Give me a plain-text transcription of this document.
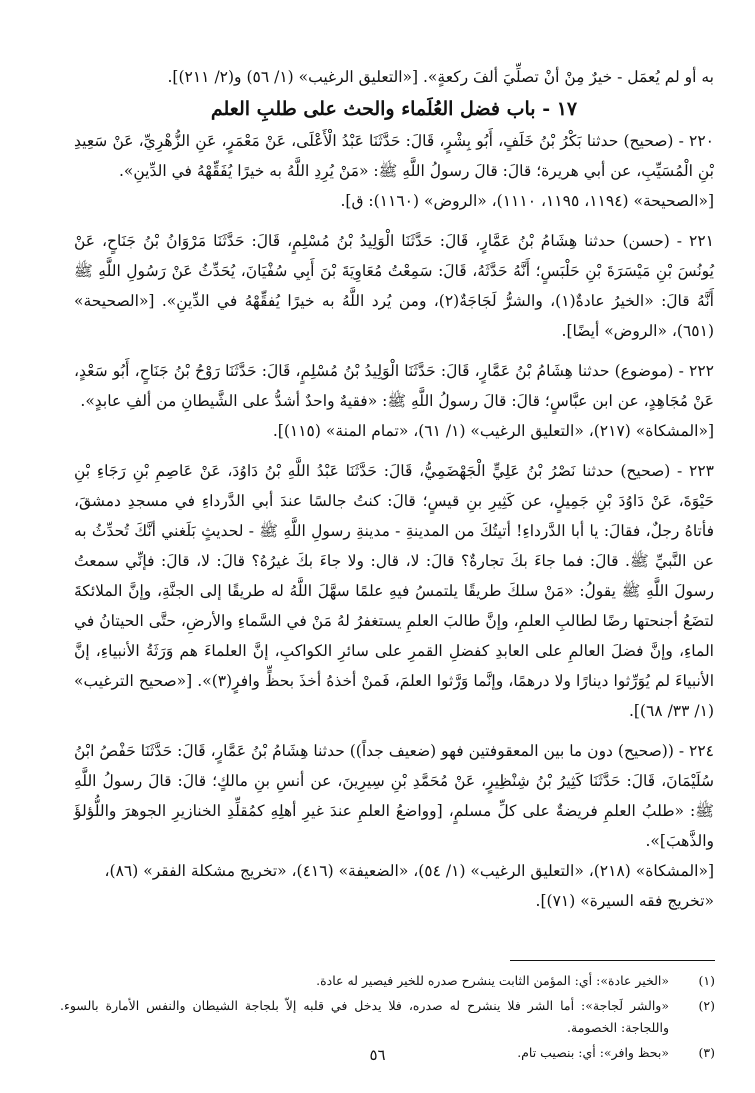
به أو لم يُعمَل - خيرٌ مِنْ أنْ تصلِّيَ ألفَ ركعةٍ». [«التعليق الرغيب» (١/ ٥٦) و(٢/ ٢١١)].

١٧ - باب فضل العُلَماء والحث على طلبِ العلم

٢٢٠ - (صحيح) حدثنا بَكْرُ بْنُ خَلَفٍ، أَبُو بِشْرٍ، قَالَ: حَدَّثَنَا عَبْدُ الْأَعْلَى، عَنْ مَعْمَرٍ، عَنِ الزُّهْرِيِّ، عَنْ سَعِيدِ بْنِ الْمُسَيِّبِ، عن أبي هريرة؛ قالَ: قالَ رسولُ اللَّهِ ﷺ: «مَنْ يُرِدِ اللَّهُ به خيرًا يُفَقِّهْهُ في الدِّينِ».

[«الصحيحة» (١١٩٤، ١١٩٥، ١١١٠)، «الروض» (١١٦٠): ق].

٢٢١ - (حسن) حدثنا هِشَامُ بْنُ عَمَّارٍ، قَالَ: حَدَّثَنَا الْوَلِيدُ بْنُ مُسْلِمٍ، قَالَ: حَدَّثَنَا مَرْوَانُ بْنُ جَنَاحٍ، عَنْ يُونُسَ بْنِ مَيْسَرَةَ بْنِ حَلْبَسٍ؛ أَنَّهُ حَدَّثَهُ، قَالَ: سَمِعْتُ مُعَاوِيَةَ بْنَ أَبِي سُفْيَانَ، يُحَدِّثُ عَنْ رَسُولِ اللَّهِ ﷺ أَنَّهُ قالَ: «الخيرُ عادةٌ(١)، والشرُّ لَجَاجَةٌ(٢)، ومن يُرد اللَّهُ به خيرًا يُفقِّهْهُ في الدِّينِ». [«الصحيحة» (٦٥١)، «الروض» أيضًا].

٢٢٢ - (موضوع) حدثنا هِشَامُ بْنُ عَمَّارٍ، قَالَ: حَدَّثَنَا الْوَلِيدُ بْنُ مُسْلِمٍ، قَالَ: حَدَّثَنَا رَوْحُ بْنُ جَنَاحٍ، أَبُو سَعْدٍ، عَنْ مُجَاهِدٍ، عن ابن عبَّاسٍ؛ قالَ: قالَ رسولُ اللَّهِ ﷺ: «فقيهٌ واحدٌ أشدُّ على الشَّيطانِ من ألفِ عابدٍ».

[«المشكاة» (٢١٧)، «التعليق الرغيب» (١/ ٦١)، «تمام المنة» (١١٥)].

٢٢٣ - (صحيح) حدثنا نَصْرُ بْنُ عَلِيٍّ الْجَهْضَمِيُّ، قَالَ: حَدَّثَنَا عَبْدُ اللَّهِ بْنُ دَاوُدَ، عَنْ عَاصِمِ بْنِ رَجَاءِ بْنِ حَيْوَةَ، عَنْ دَاوُدَ بْنِ جَمِيلٍ، عن كَثِيرِ بنِ قيسٍ؛ قالَ: كنتُ جالسًا عندَ أبي الدَّرداءِ في مسجدِ دمشقَ، فأتاهُ رجلٌ، فقالَ: يا أبا الدَّرداءِ! أتيتُكَ من المدينةِ - مدينةِ رسولِ اللَّهِ ﷺ - لحديثٍ بَلَغني أنَّكَ تُحدِّثُ به عن النَّبيِّ ﷺ. قالَ: فما جاءَ بكَ تجارةٌ؟ قالَ: لا، قال: ولا جاءَ بكَ غيرُهُ؟ قالَ: لا، قالَ: فإنِّي سمعتُ رسولَ اللَّهِ ﷺ يقولُ: «مَنْ سلكَ طريقًا يلتمسُ فيهِ علمًا سهَّلَ اللَّهُ له طريقًا إلى الجنَّةِ، وإنَّ الملائكةَ لتضَعُ أجنحتها رضًا لطالبِ العلمِ، وإنَّ طالبَ العلمِ يستغفرُ لهُ مَنْ في السَّماءِ والأرضِ، حتَّى الحيتانُ في الماءِ، وإنَّ فضلَ العالمِ على العابدِ كفضلِ القمرِ على سائرِ الكواكبِ، إنَّ العلماءَ هم وَرَثَةُ الأنبياءِ، إنَّ الأنبياءَ لم يُوَرِّثوا دينارًا ولا درهمًا، وإنَّما وَرَّثوا العلمَ، فَمنْ أخذهُ أخذَ بحظٍّ وافرٍ(٣)». [«صحيح الترغيب» (١/ ٣٣/ ٦٨)].

٢٢٤ - ((صحيح) دون ما بين المعقوفتين فهو (ضعيف جداً)) حدثنا هِشَامُ بْنُ عَمَّارٍ، قَالَ: حَدَّثَنَا حَفْصُ ابْنُ سُلَيْمَانَ، قَالَ: حَدَّثَنَا كَثِيرُ بْنُ شِنْظِيرٍ، عَنْ مُحَمَّدِ بْنِ سِيرِينَ، عن أنسِ بنِ مالكٍ؛ قالَ: قالَ رسولُ اللَّهِ ﷺ: «طلبُ العلمِ فريضةٌ على كلِّ مسلمٍ، [وواضعُ العلمِ عندَ غيرِ أهلِهِ كمُقلِّدِ الخنازيرِ الجوهرَ واللُّؤلؤَ والذَّهبَ]».

[«المشكاة» (٢١٨)، «التعليق الرغيب» (١/ ٥٤)، «الضعيفة» (٤١٦)، «تخريج مشكلة الفقر» (٨٦)، «تخريج فقه السيرة» (٧١)].

(١)
«الخير عادة»: أي: المؤمن الثابت ينشرح صدره للخير فيصير له عادة.
(٢)
«والشر لَجاجة»: أما الشر فلا ينشرح له صدره، فلا يدخل في قلبه إلاّ بلجاجة الشيطان والنفس الأمارة بالسوء. واللجاجة: الخصومة.
(٣)
«بحظ وافر»: أي: بنصيب تام.
٥٦
